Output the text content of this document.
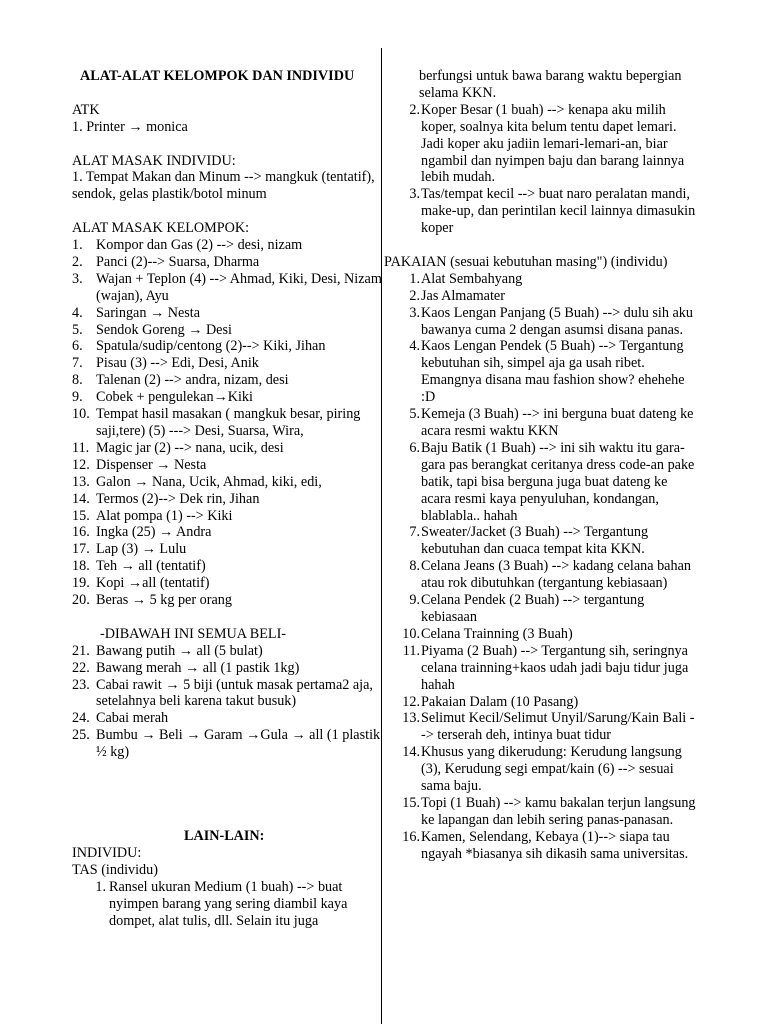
ALAT-ALAT KELOMPOK DAN INDIVIDU
ATK
1. Printer → monica
ALAT MASAK INDIVIDU:
1. Tempat Makan dan Minum --> mangkuk (tentatif), sendok, gelas plastik/botol minum
ALAT MASAK KELOMPOK:
1. Kompor dan Gas (2) --> desi, nizam
2. Panci (2)--> Suarsa, Dharma
3. Wajan + Teplon (4) --> Ahmad, Kiki, Desi, Nizam (wajan), Ayu
4. Saringan → Nesta
5. Sendok Goreng → Desi
6. Spatula/sudip/centong (2)--> Kiki, Jihan
7. Pisau (3) --> Edi, Desi, Anik
8. Talenan (2) --> andra, nizam, desi
9. Cobek + pengulekan→Kiki
10. Tempat hasil masakan ( mangkuk besar, piring saji,tere) (5) ---> Desi, Suarsa, Wira,
11. Magic jar (2) --> nana, ucik, desi
12. Dispenser → Nesta
13. Galon → Nana, Ucik, Ahmad, kiki, edi,
14. Termos (2)--> Dek rin, Jihan
15. Alat pompa (1) --> Kiki
16. Ingka (25) → Andra
17. Lap (3) → Lulu
18. Teh → all (tentatif)
19. Kopi →all (tentatif)
20. Beras → 5 kg per orang
-DIBAWAH INI SEMUA BELI-
21. Bawang putih → all (5 bulat)
22. Bawang merah → all (1 pastik 1kg)
23. Cabai rawit → 5 biji (untuk masak pertama2 aja, setelahnya beli karena takut busuk)
24. Cabai merah
25. Bumbu → Beli → Garam →Gula → all (1 plastik ½ kg)
LAIN-LAIN:
INDIVIDU:
TAS (individu)
1. Ransel ukuran Medium (1 buah) --> buat nyimpen barang yang sering diambil kaya dompet, alat tulis, dll. Selain itu juga
berfungsi untuk bawa barang waktu bepergian selama KKN.
2. Koper Besar (1 buah) --> kenapa aku milih koper, soalnya kita belum tentu dapet lemari. Jadi koper aku jadiin lemari-lemari-an, biar ngambil dan nyimpen baju dan barang lainnya lebih mudah.
3. Tas/tempat kecil --> buat naro peralatan mandi, make-up, dan perintilan kecil lainnya dimasukin koper
PAKAIAN (sesuai kebutuhan masing") (individu)
1. Alat Sembahyang
2. Jas Almamater
3. Kaos Lengan Panjang (5 Buah) --> dulu sih aku bawanya cuma 2 dengan asumsi disana panas.
4. Kaos Lengan Pendek (5 Buah) --> Tergantung kebutuhan sih, simpel aja ga usah ribet. Emangnya disana mau fashion show? ehehehe :D
5. Kemeja (3 Buah) --> ini berguna buat dateng ke acara resmi waktu KKN
6. Baju Batik (1 Buah) --> ini sih waktu itu gara-gara pas berangkat ceritanya dress code-an pake batik, tapi bisa berguna juga buat dateng ke acara resmi kaya penyuluhan, kondangan, blablabla.. hahah
7. Sweater/Jacket (3 Buah) --> Tergantung kebutuhan dan cuaca tempat kita KKN.
8. Celana Jeans (3 Buah) --> kadang celana bahan atau rok dibutuhkan (tergantung kebiasaan)
9. Celana Pendek (2 Buah) --> tergantung kebiasaan
10. Celana Trainning (3 Buah)
11. Piyama (2 Buah) --> Tergantung sih, seringnya celana trainning+kaos udah jadi baju tidur juga hahah
12. Pakaian Dalam (10 Pasang)
13. Selimut Kecil/Selimut Unyil/Sarung/Kain Bali --> terserah deh, intinya buat tidur
14. Khusus yang dikerudung: Kerudung langsung (3), Kerudung segi empat/kain (6) --> sesuai sama baju.
15. Topi (1 Buah) --> kamu bakalan terjun langsung ke lapangan dan lebih sering panas-panasan.
16. Kamen, Selendang, Kebaya (1)--> siapa tau ngayah *biasanya sih dikasih sama universitas.
